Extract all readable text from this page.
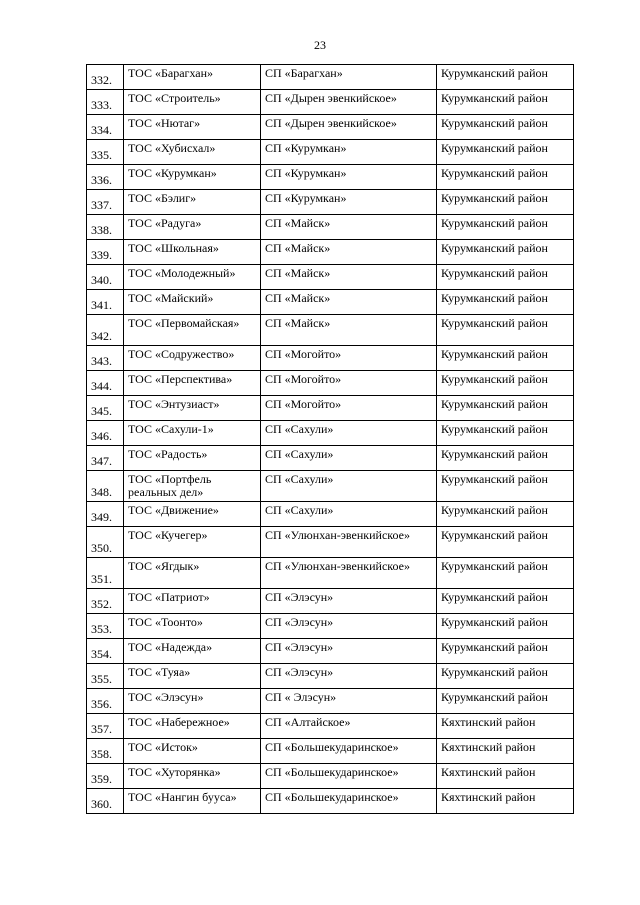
23
332.	ТОС «Барагхан»	СП «Барагхан»	Курумканский район
333.	ТОС «Строитель»	СП «Дырен эвенкийское»	Курумканский район
334.	ТОС «Нютаг»	СП «Дырен эвенкийское»	Курумканский район
335.	ТОС «Хубисхал»	СП «Курумкан»	Курумканский район
336.	ТОС «Курумкан»	СП «Курумкан»	Курумканский район
337.	ТОС «Бэлиг»	СП «Курумкан»	Курумканский район
338.	ТОС «Радуга»	СП «Майск»	Курумканский район
339.	ТОС «Школьная»	СП «Майск»	Курумканский район
340.	ТОС «Молодежный»	СП «Майск»	Курумканский район
341.	ТОС «Майский»	СП «Майск»	Курумканский район
342.	ТОС «Первомайская»	СП «Майск»	Курумканский район
343.	ТОС «Содружество»	СП «Могойто»	Курумканский район
344.	ТОС «Перспектива»	СП «Могойто»	Курумканский район
345.	ТОС «Энтузиаст»	СП «Могойто»	Курумканский район
346.	ТОС «Сахули-1»	СП «Сахули»	Курумканский район
347.	ТОС «Радость»	СП «Сахули»	Курумканский район
348.	ТОС «Портфель реальных дел»	СП «Сахули»	Курумканский район
349.	ТОС «Движение»	СП «Сахули»	Курумканский район
350.	ТОС «Кучегер»	СП «Улюнхан-эвенкийское»	Курумканский район
351.	ТОС «Ягдык»	СП «Улюнхан-эвенкийское»	Курумканский район
352.	ТОС «Патриот»	СП «Элэсун»	Курумканский район
353.	ТОС «Тоонто»	СП «Элэсун»	Курумканский район
354.	ТОС «Надежда»	СП «Элэсун»	Курумканский район
355.	ТОС «Туяа»	СП «Элэсун»	Курумканский район
356.	ТОС «Элэсун»	СП « Элэсун»	Курумканский район
357.	ТОС «Набережное»	СП «Алтайское»	Кяхтинский район
358.	ТОС «Исток»	СП «Большекударинское»	Кяхтинский район
359.	ТОС «Хуторянка»	СП «Большекударинское»	Кяхтинский район
360.	ТОС «Нангин бууса»	СП «Большекударинское»	Кяхтинский район
